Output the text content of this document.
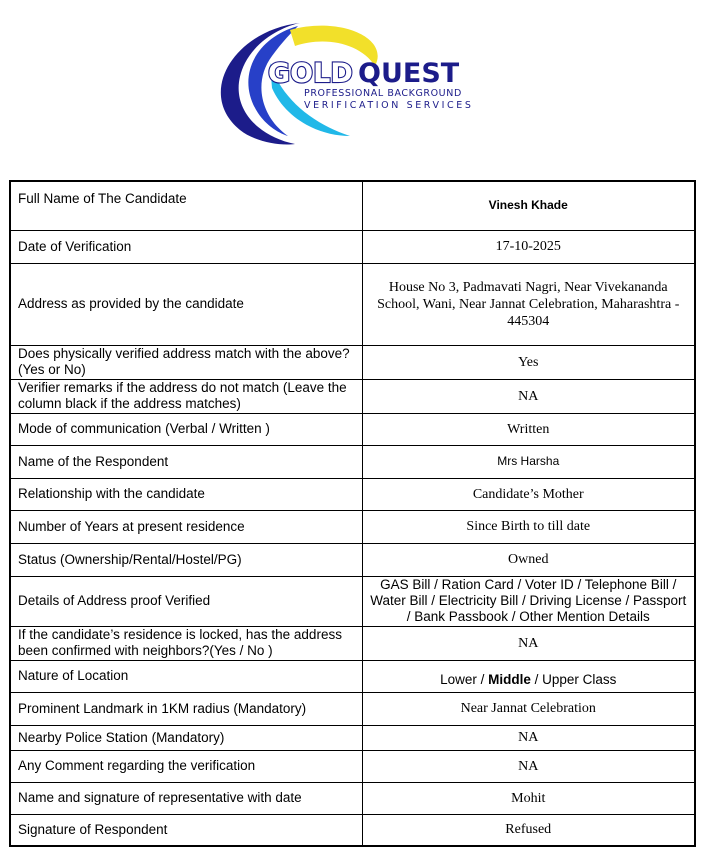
GOLD QUEST
PROFESSIONAL BACKGROUND
VERIFICATION SERVICES
Full Name of The Candidate	Vinesh Khade
Date of Verification	17-10-2025
Address as provided by the candidate	House No 3, Padmavati Nagri, Near Vivekananda School, Wani, Near Jannat Celebration, Maharashtra - 445304
Does physically verified address match with the above? (Yes or No)	Yes
Verifier remarks if the address do not match (Leave the column black if the address matches)	NA
Mode of communication (Verbal / Written )	Written
Name of the Respondent	Mrs Harsha
Relationship with the candidate	Candidate’s Mother
Number of Years at present residence	Since Birth to till date
Status (Ownership/Rental/Hostel/PG)	Owned
Details of Address proof Verified	GAS Bill / Ration Card / Voter ID / Telephone Bill / Water Bill / Electricity Bill / Driving License / Passport / Bank Passbook / Other Mention Details
If the candidate’s residence is locked, has the address been confirmed with neighbors?(Yes / No )	NA
Nature of Location	Lower / Middle / Upper Class
Prominent Landmark in 1KM radius (Mandatory)	Near Jannat Celebration
Nearby Police Station (Mandatory)	NA
Any Comment regarding the verification	NA
Name and signature of representative with date	Mohit
Signature of Respondent	Refused
